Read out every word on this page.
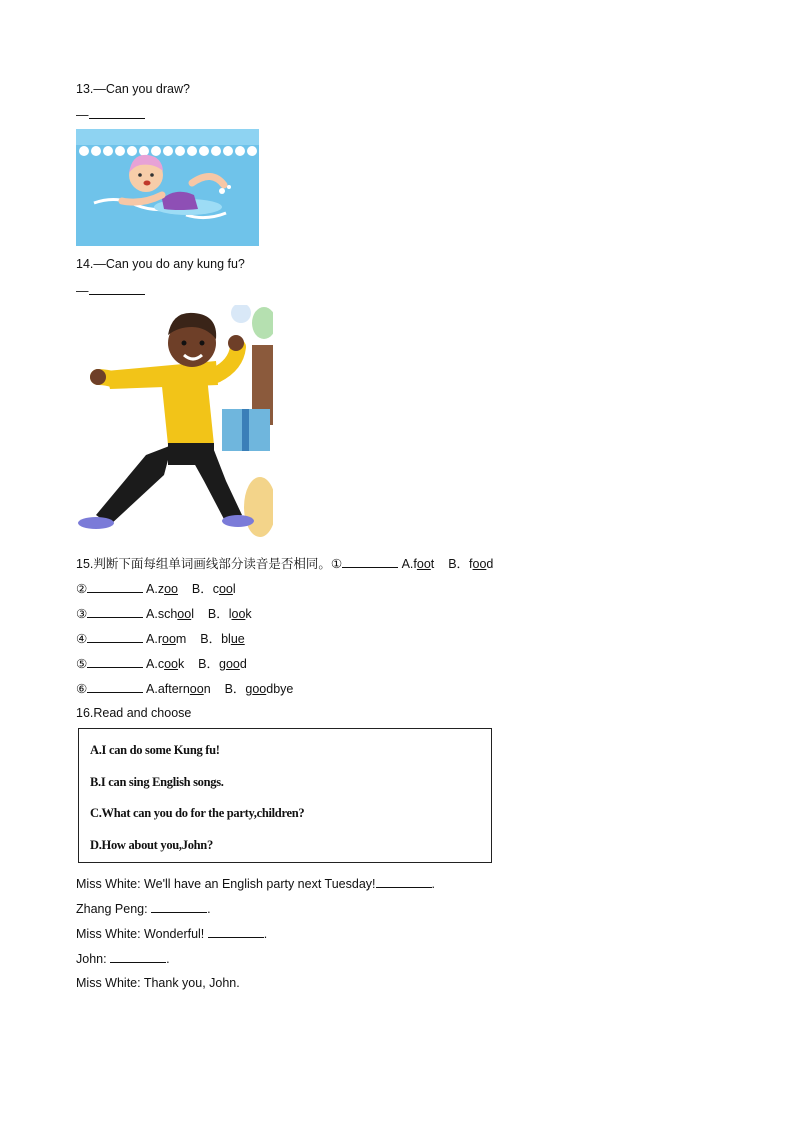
13.—Can you draw?
—
14.—Can you do any kung fu?
—
15.判断下面每组单词画线部分读音是否相同。①	A.foot B．food
②	A.zoo B．cool
③	A.school B．look
④	A.room B．blue
⑤	A.cook B．good
⑥	A.afternoon B．goodbye
16.Read and choose
A.I can do some Kung fu!
B.I can sing English songs.
C.What can you do for the party,children?
D.How about you,John?
Miss White: We'll have an English party next Tuesday!	.
Zhang Peng:	.
Miss White: Wonderful!	.
John:	.
Miss White: Thank you, John.
